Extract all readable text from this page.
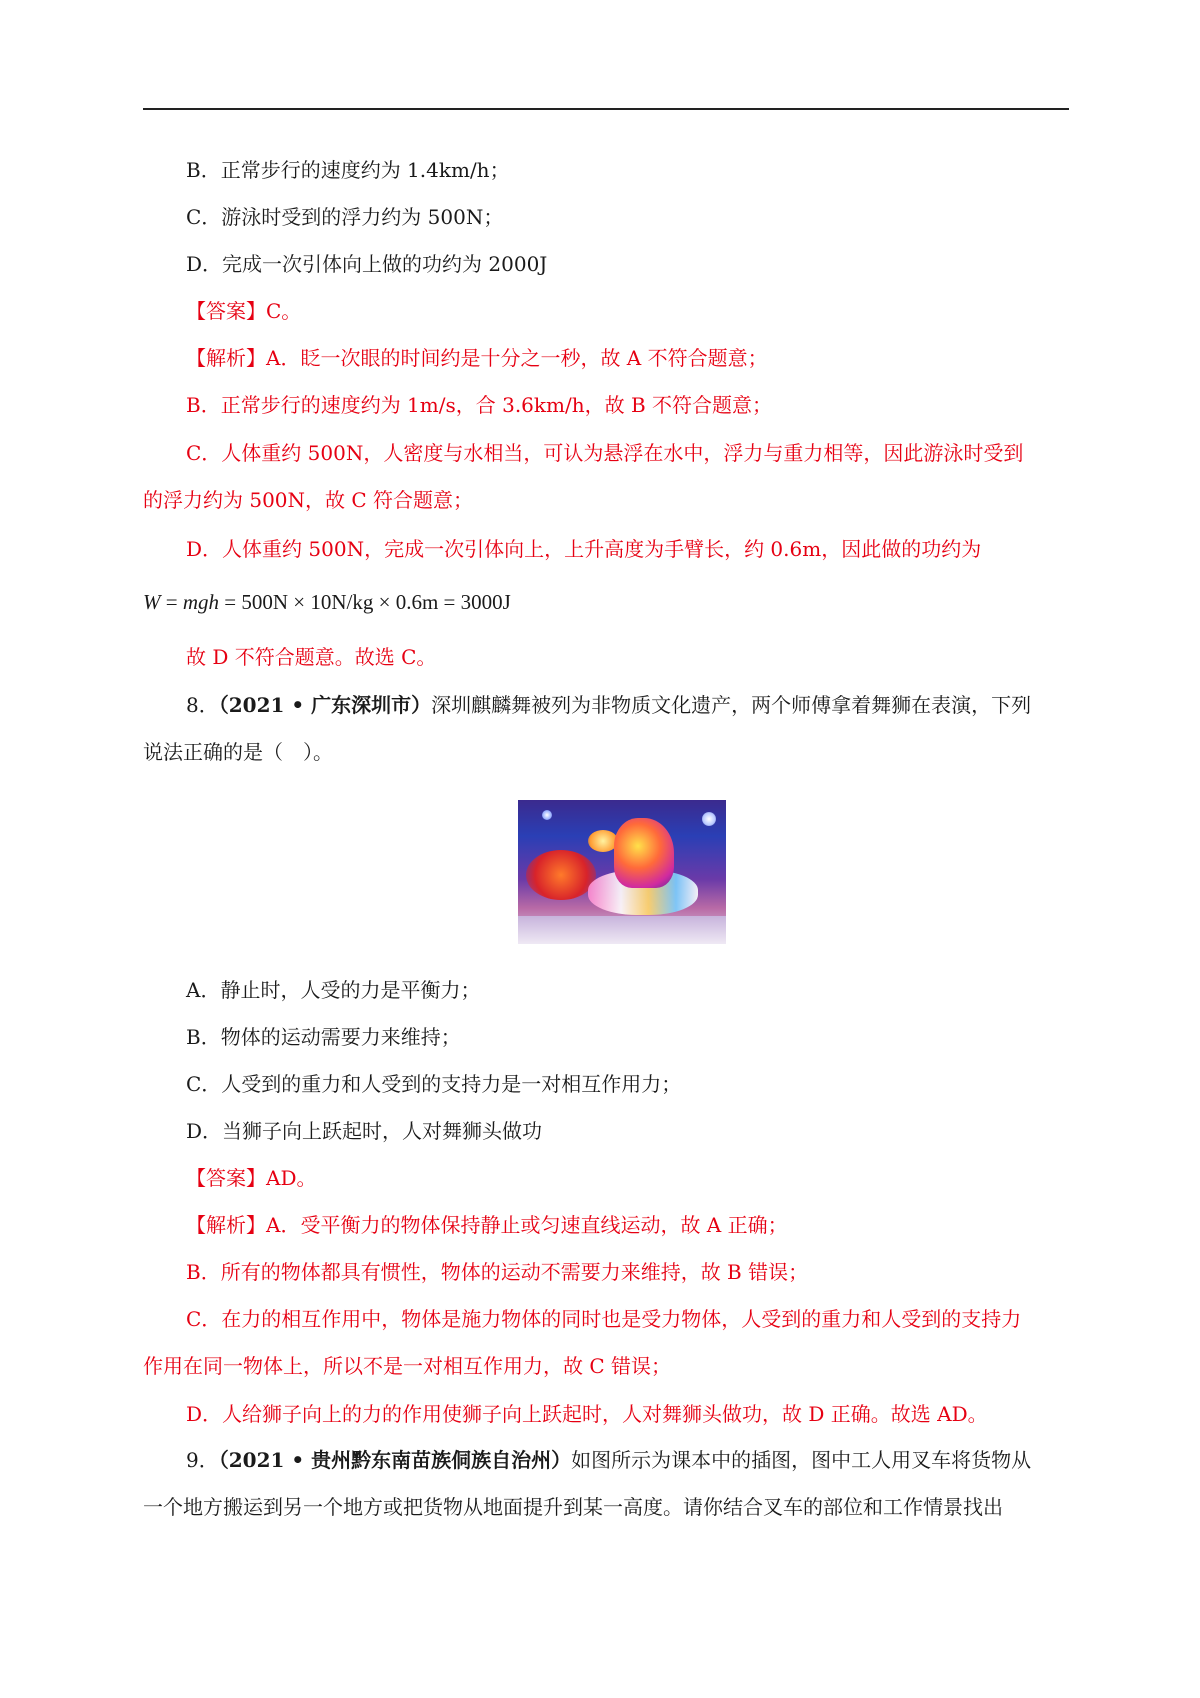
B．正常步行的速度约为 1.4km/h；
C．游泳时受到的浮力约为 500N；
D．完成一次引体向上做的功约为 2000J
【答案】C。
【解析】A．眨一次眼的时间约是十分之一秒，故 A 不符合题意；
B．正常步行的速度约为 1m/s，合 3.6km/h，故 B 不符合题意；
C．人体重约 500N，人密度与水相当，可认为悬浮在水中，浮力与重力相等，因此游泳时受到
的浮力约为 500N，故 C 符合题意；
D．人体重约 500N，完成一次引体向上，上升高度为手臂长，约 0.6m，因此做的功约为
W = mgh = 500N × 10N/kg × 0.6m = 3000J
故 D 不符合题意。故选 C。
8．（2021 • 广东深圳市）深圳麒麟舞被列为非物质文化遗产，两个师傅拿着舞狮在表演，下列
说法正确的是（　）。
A．静止时，人受的力是平衡力；
B．物体的运动需要力来维持；
C．人受到的重力和人受到的支持力是一对相互作用力；
D．当狮子向上跃起时，人对舞狮头做功
【答案】AD。
【解析】A．受平衡力的物体保持静止或匀速直线运动，故 A 正确；
B．所有的物体都具有惯性，物体的运动不需要力来维持，故 B 错误；
C．在力的相互作用中，物体是施力物体的同时也是受力物体，人受到的重力和人受到的支持力
作用在同一物体上，所以不是一对相互作用力，故 C 错误；
D．人给狮子向上的力的作用使狮子向上跃起时，人对舞狮头做功，故 D 正确。故选 AD。
9．（2021 • 贵州黔东南苗族侗族自治州）如图所示为课本中的插图，图中工人用叉车将货物从
一个地方搬运到另一个地方或把货物从地面提升到某一高度。请你结合叉车的部位和工作情景找出
